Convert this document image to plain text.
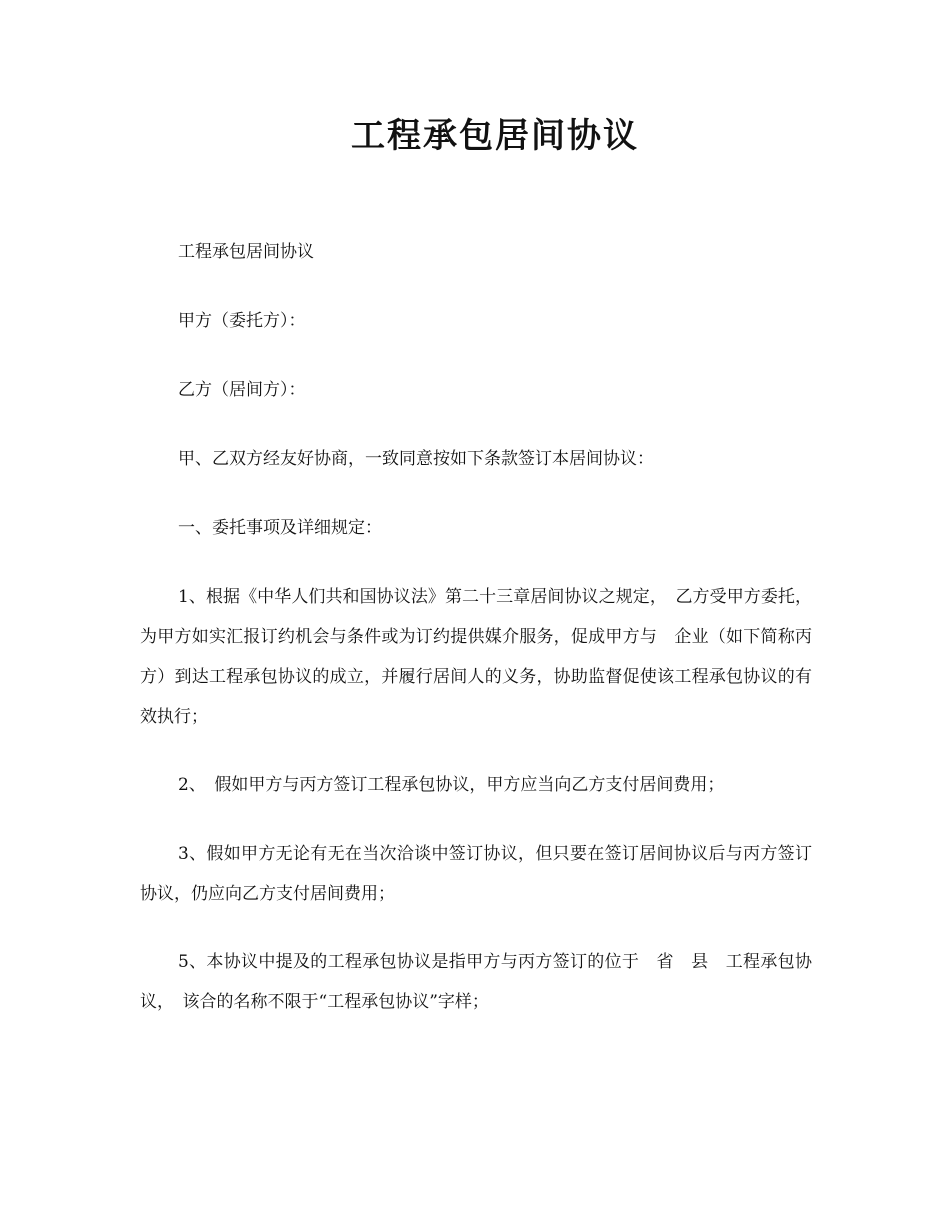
工程承包居间协议

工程承包居间协议

甲方（委托方）：

乙方（居间方）：

甲、乙双方经友好协商，一致同意按如下条款签订本居间协议：

一、委托事项及详细规定：

1、根据《中华人们共和国协议法》第二十三章居间协议之规定，　乙方受甲方委托，为甲方如实汇报订约机会与条件或为订约提供媒介服务，促成甲方与　企业（如下简称丙方）到达工程承包协议的成立，并履行居间人的义务，协助监督促使该工程承包协议的有效执行；

2、　假如甲方与丙方签订工程承包协议，甲方应当向乙方支付居间费用；

3、假如甲方无论有无在当次洽谈中签订协议，但只要在签订居间协议后与丙方签订协议，仍应向乙方支付居间费用；

5、本协议中提及的工程承包协议是指甲方与丙方签订的位于　省　县　工程承包协议，　该合的名称不限于“工程承包协议”字样；
